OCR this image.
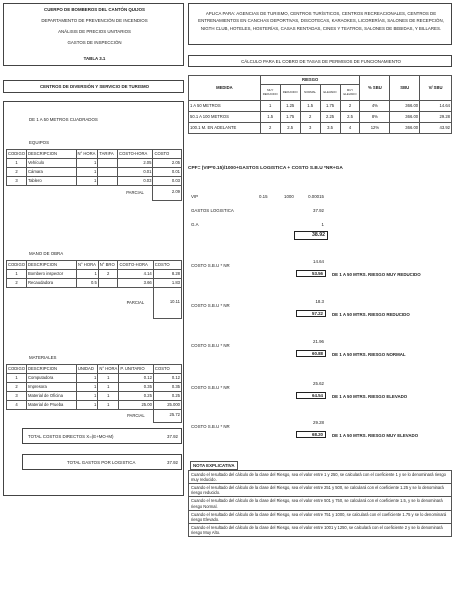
CUERPO DE BOMBEROS DEL CANTÓN QUIJOS
DEPARTAMENTO DE PREVENCIÓN DE INCENDIOS
ANÁLISIS DE PRECIOS UNITARIOS
GASTOS DE INSPECCIÓN
TABLA 3.1
CENTROS DE DIVERSIÓN Y SERVICIO DE TURISMO
DE 1 A 50 METROS CUADRADOS
EQUIPOS
CODIGO	DESCRIPCION	N° HORA	TARIFA	COSTO-HORA	COSTO
1	Vehículo	1		2.05	2.05
2	Cámara	1		0.01	0.01
3	Tablero	1		0.03	0.03
				PARCIAL	2.09
MANO DE OBRA
CODIGO	DESCRIPCION	N° HORA	N° BRO	COSTO-HORA	COSTO
1	Bombero inspector	1	2	4.14	8.28
2	Recaudadora	0.5		3.66	1.83
				PARCIAL	10.11
MATERIALES
CODIGO	DESCRIPCION	UNIDAD	N° HORA	P. UNITARIO	COSTO
1	Computadora	1	1	0.12	0.12
2	Impresora	1	1	0.35	0.35
3	Material de Oficina	1	1	0.25	0.25
4	Material de Prueba	1	1	25.00	25.000
				PARCIAL	25.72
TOTAL COSTOS DIRECTOS X=(E+MO+M)	37.92
TOTAL GASTOS POR LOGISTICA	37.92
APLICA PARA: AGENCIAS DE TURISMO, CENTROS TURÍSTICOS, CENTROS RECREACIONALES, CENTROS DE ENTRENAMIENTOS EN CANCHAS DEPORTIVAS, DISCOTECAS, KARAOKES, LICORERÍAS, SALONES DE RECEPCIÓN, NIGTH CLUB, HOTELES, HOSTERÍAS, CASAS RENTADAS, CINES Y TEATROS, SALONES DE BEBIDAS, Y BILLARES.
CÁLCULO PARA EL COBRO DE TASAS DE PERMISOS DE FUNCIONAMIENTO
MEDIDA	RIESGO					% SBU	SBU	V/ SBU
	MUY REDUCIDO	REDUCIDO	NORMAL	ELEVADO	MUY ELEVADO			
1 A 50 METROS	1	1.25	1.5	1.75	2	4%	366.00	14.64
50.1 A 100 METROS	1.5	1.75	2	2.25	2.5	8%	366.00	29.28
100.1 M. EN ADELANTE	2	2.5	3	3.5	4	12%	366.00	43.92
CPF= (VIP*0.15)/1000+GASTOS LOGISTICA + COSTO S.B.U *NR+GA
VIP	0.15	1000	0.00015
GASTOS LOGISTICA	37.92
G.A	1
38.92
COSTO S.B.U * NR
14.64
53.56	DE 1 A 50 MTRS. RIESGO MUY REDUCIDO
COSTO S.B.U * NR
18.3
57.22	DE 1 A 50 MTRS. RIESGO REDUCIDO
COSTO S.B.U * NR
21.96
60.88	DE 1 A 50 MTRS. RIESGO NORMAL
COSTO S.B.U * NR
25.62
64.54	DE 1 A 50 MTRS. RIESGO ELEVADO
COSTO S.B.U * NR
29.28
68.20	DE 1 A 50 MTRS. RIESGO MUY ELEVADO
NOTA EXPLICATIVA
Cuando el resultado del cálculo de la clase del Riesgo, sea el valor entre 1 y 250, se calculará con el coeficiente 1 y se lo denominará riesgo muy reducido.
Cuando el resultado del cálculo de la clase del Riesgo, sea el valor entre 251 y 500, se calculará con el coeficiente 1.25 y se lo denominará riesgo reducido.
Cuando el resultado del cálculo de la clase del Riesgo, sea el valor entre 501 y 750, se calculará con el coeficiente 1.5, y se lo denominará riesgo Normal.
Cuando el resultado del cálculo de la clase del Riesgo, sea el valor entre 751 y 1000, se calculará con el coeficiente 1.75 y se lo denominará riesgo Elevado.
Cuando el resultado del cálculo de la clase del Riesgo, sea el valor entre 1001 y 1250, se calculará con el coeficiente 2 y se lo denominará riesgo Muy Alto.
